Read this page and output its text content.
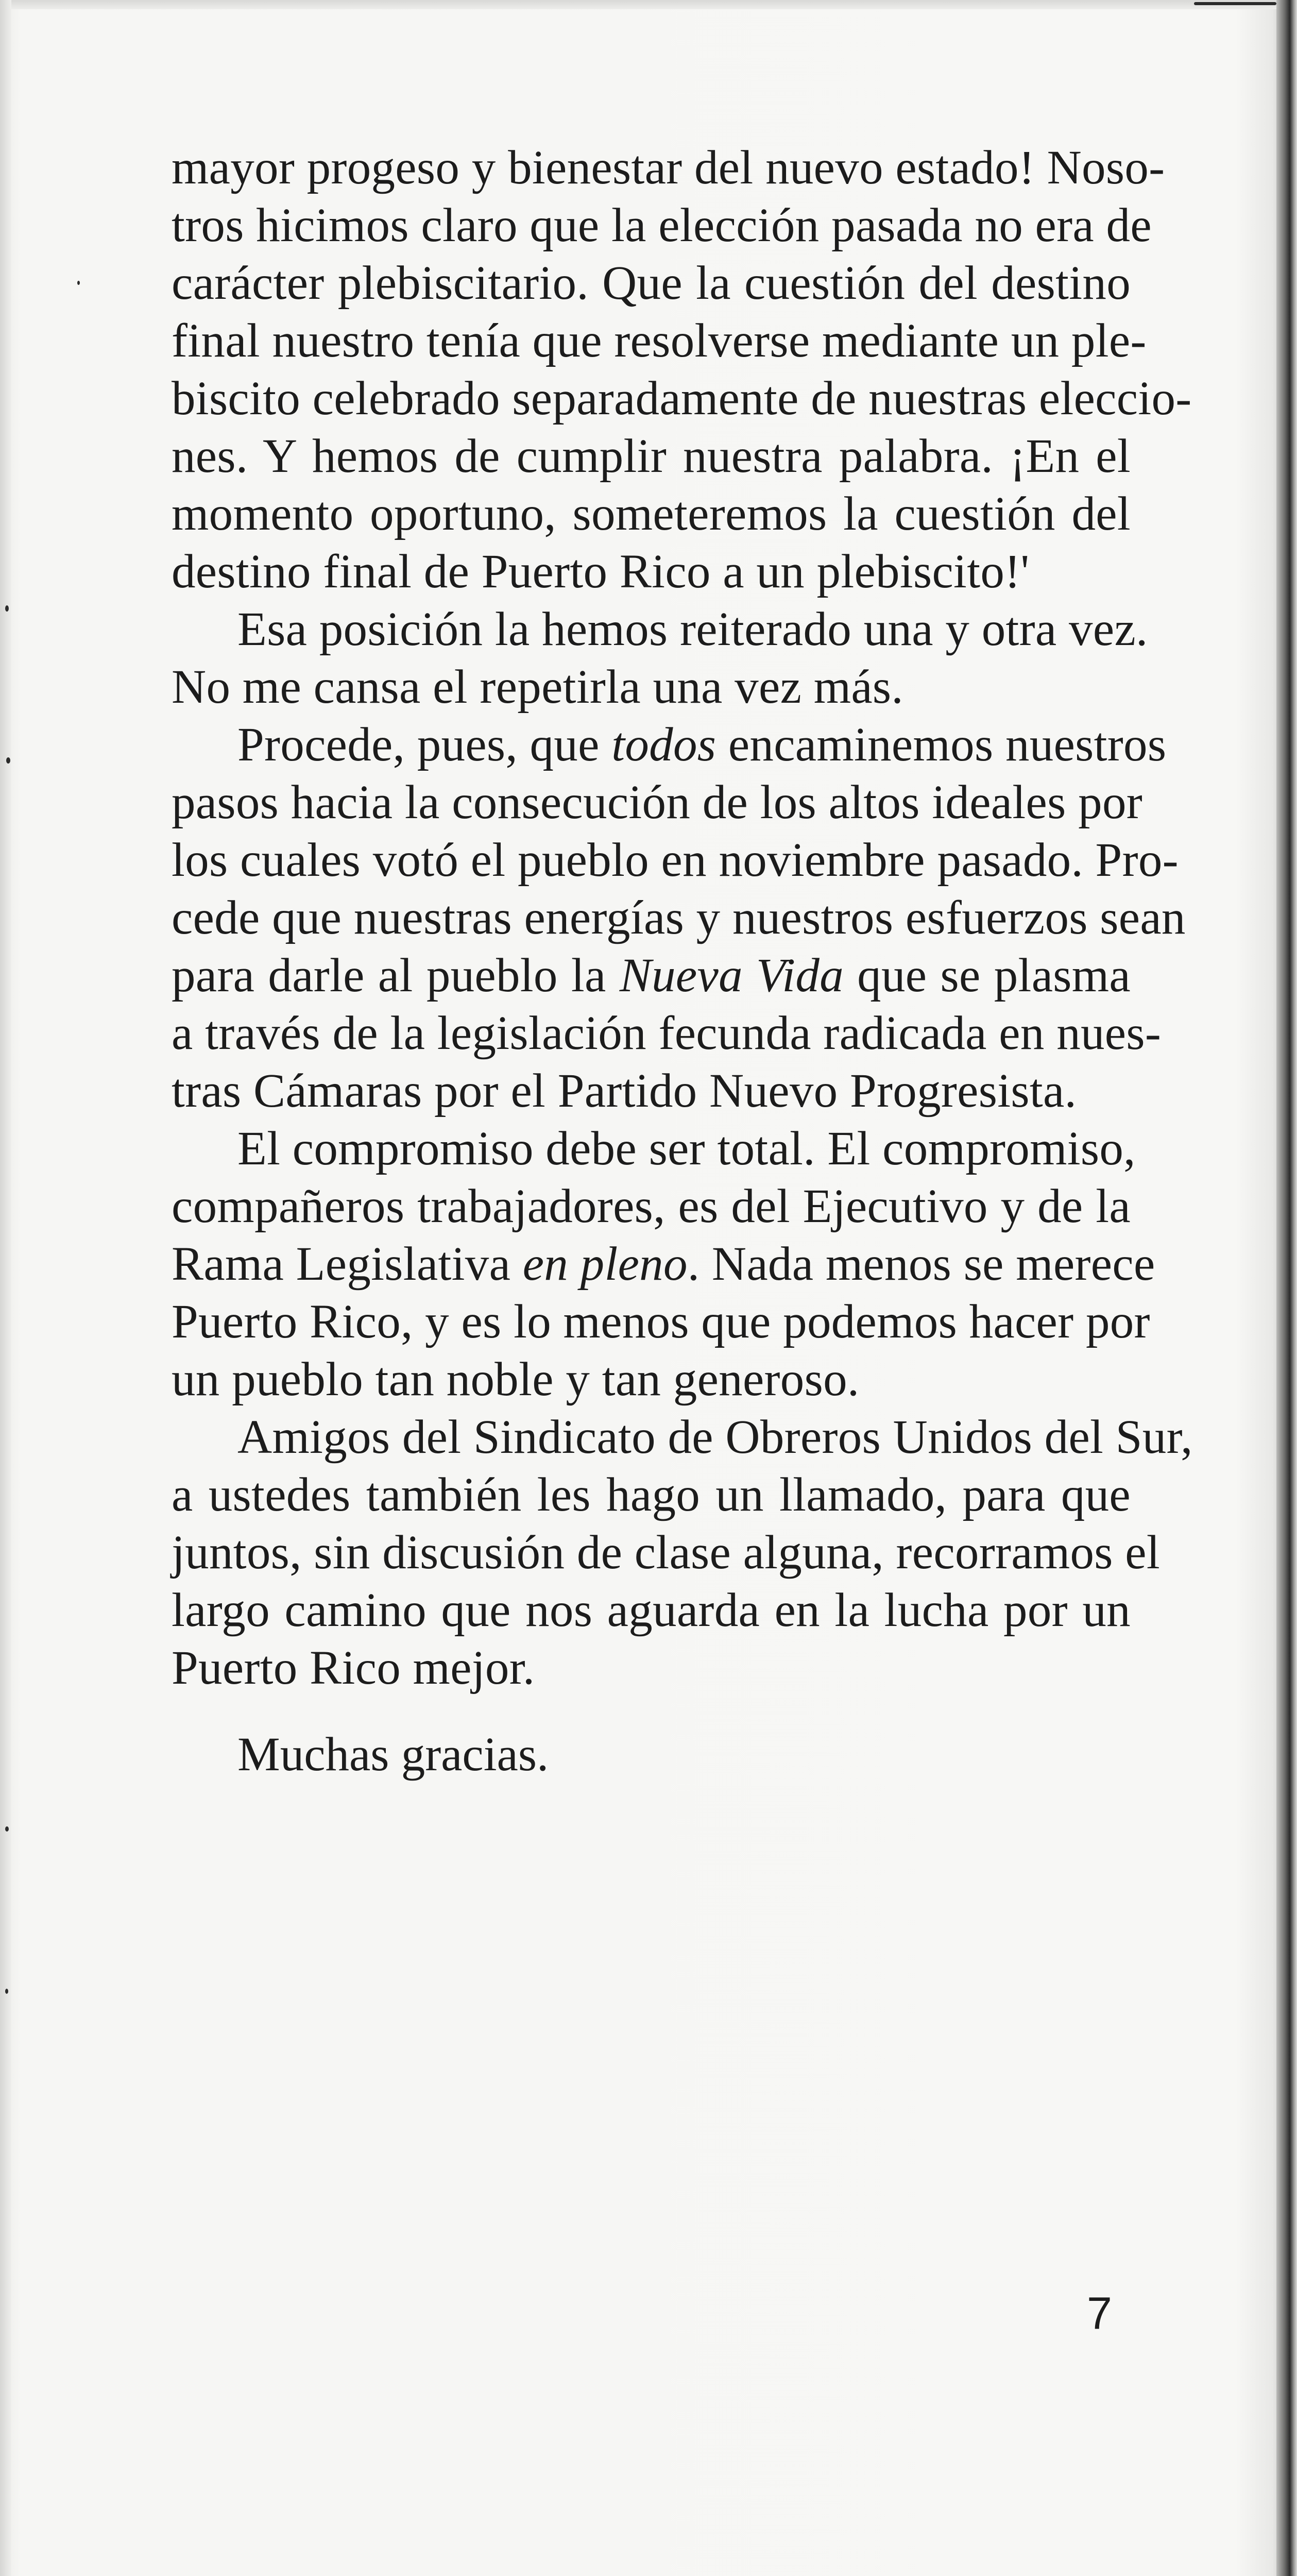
mayor progeso y bienestar del nuevo estado! Noso-
tros hicimos claro que la elección pasada no era de
carácter plebiscitario. Que la cuestión del destino
final nuestro tenía que resolverse mediante un ple-
biscito celebrado separadamente de nuestras eleccio-
nes. Y hemos de cumplir nuestra palabra. ¡En el
momento oportuno, someteremos la cuestión del
destino final de Puerto Rico a un plebiscito!'
Esa posición la hemos reiterado una y otra vez.
No me cansa el repetirla una vez más.
Procede, pues, que todos encaminemos nuestros
pasos hacia la consecución de los altos ideales por
los cuales votó el pueblo en noviembre pasado. Pro-
cede que nuestras energías y nuestros esfuerzos sean
para darle al pueblo la Nueva Vida que se plasma
a través de la legislación fecunda radicada en nues-
tras Cámaras por el Partido Nuevo Progresista.
El compromiso debe ser total. El compromiso,
compañeros trabajadores, es del Ejecutivo y de la
Rama Legislativa en pleno. Nada menos se merece
Puerto Rico, y es lo menos que podemos hacer por
un pueblo tan noble y tan generoso.
Amigos del Sindicato de Obreros Unidos del Sur,
a ustedes también les hago un llamado, para que
juntos, sin discusión de clase alguna, recorramos el
largo camino que nos aguarda en la lucha por un
Puerto Rico mejor.
Muchas gracias.
7
